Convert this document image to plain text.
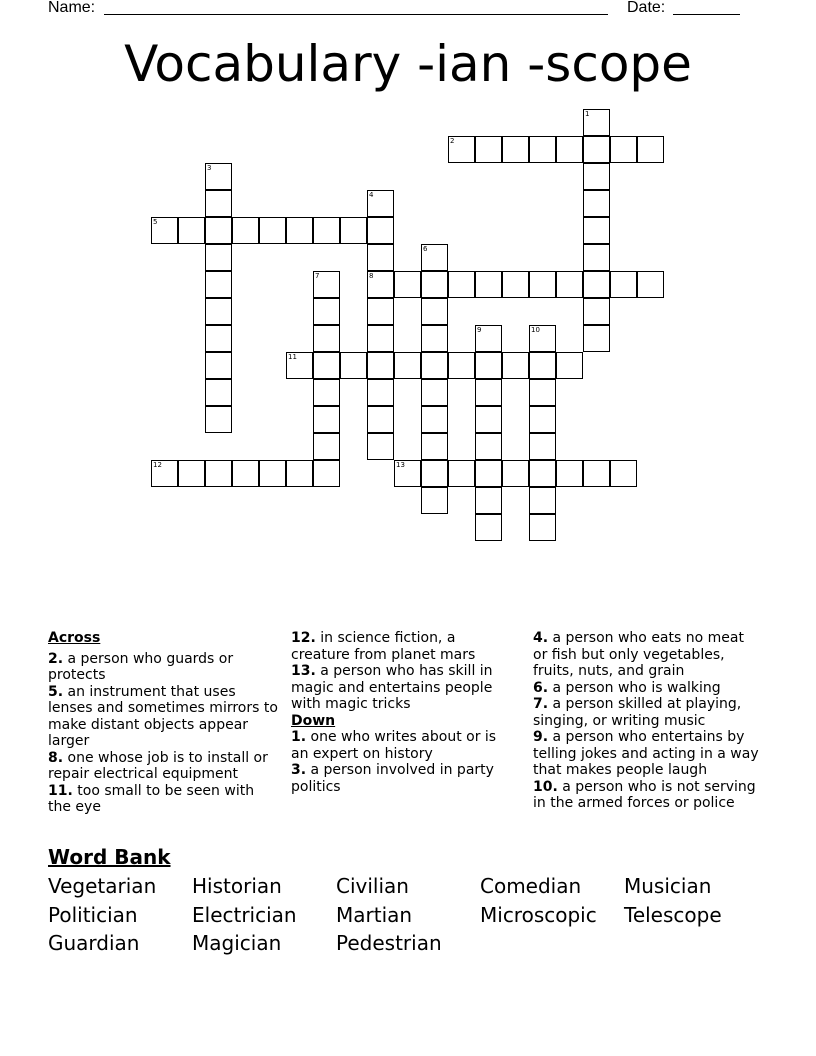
Name:	Date:
Vocabulary -ian -scope
1
2
3
4
8
5
6
7
9	10
11
12	13
Across

2. a person who guards or protects

5. an instrument that uses lenses and sometimes mirrors to make distant objects appear larger

8. one whose job is to install or repair electrical equipment

11. too small to be seen with the eye

12. in science fiction, a creature from planet mars

13. a person who has skill in magic and entertains people with magic tricks

Down

1. one who writes about or is an expert on history

3. a person involved in party politics

4. a person who eats no meat or fish but only vegetables, fruits, nuts, and grain

6. a person who is walking

7. a person skilled at playing, singing, or writing music

9. a person who entertains by telling jokes and acting in a way that makes people laugh

10. a person who is not serving in the armed forces or police

Word Bank
Vegetarian Historian	Civilian	Comedian Musician
Politician	Electrician Martian	Microscopic Telescope
Guardian	Magician	Pedestrian
